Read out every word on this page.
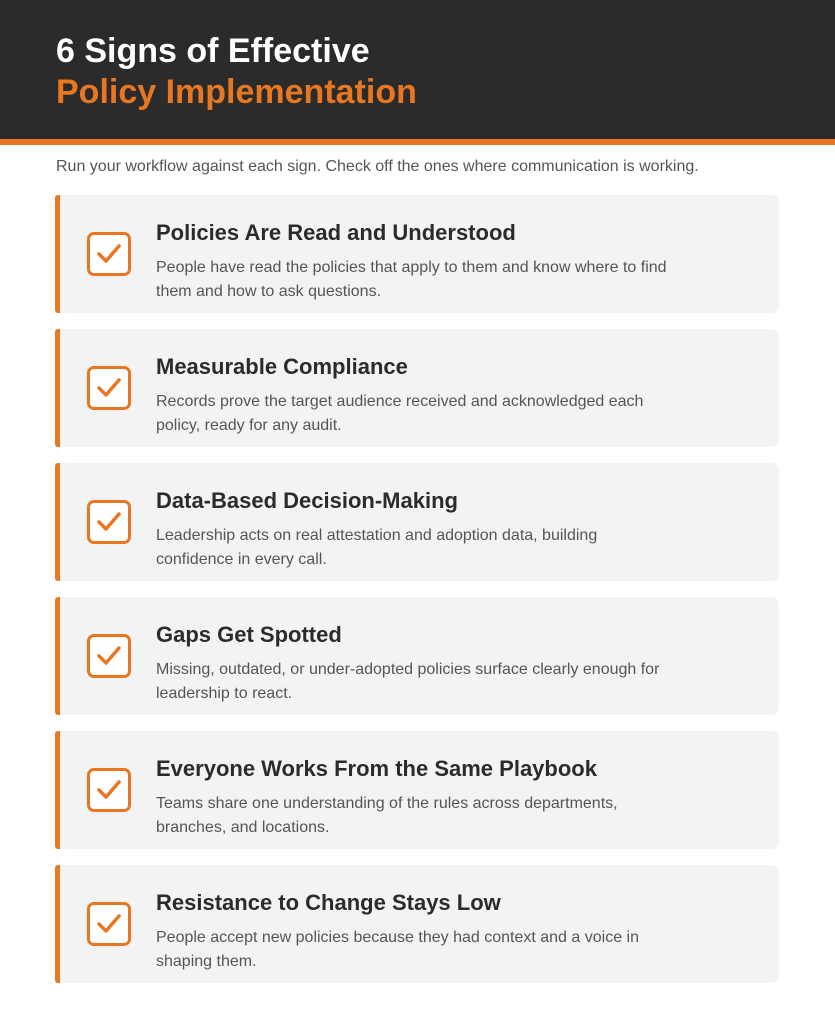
6 Signs of Effective
Policy Implementation
Run your workflow against each sign. Check off the ones where communication is working.
Policies Are Read and Understood
People have read the policies that apply to them and know where to find them and how to ask questions.
Measurable Compliance
Records prove the target audience received and acknowledged each policy, ready for any audit.
Data-Based Decision-Making
Leadership acts on real attestation and adoption data, building confidence in every call.
Gaps Get Spotted
Missing, outdated, or under-adopted policies surface clearly enough for leadership to react.
Everyone Works From the Same Playbook
Teams share one understanding of the rules across departments, branches, and locations.
Resistance to Change Stays Low
People accept new policies because they had context and a voice in shaping them.
